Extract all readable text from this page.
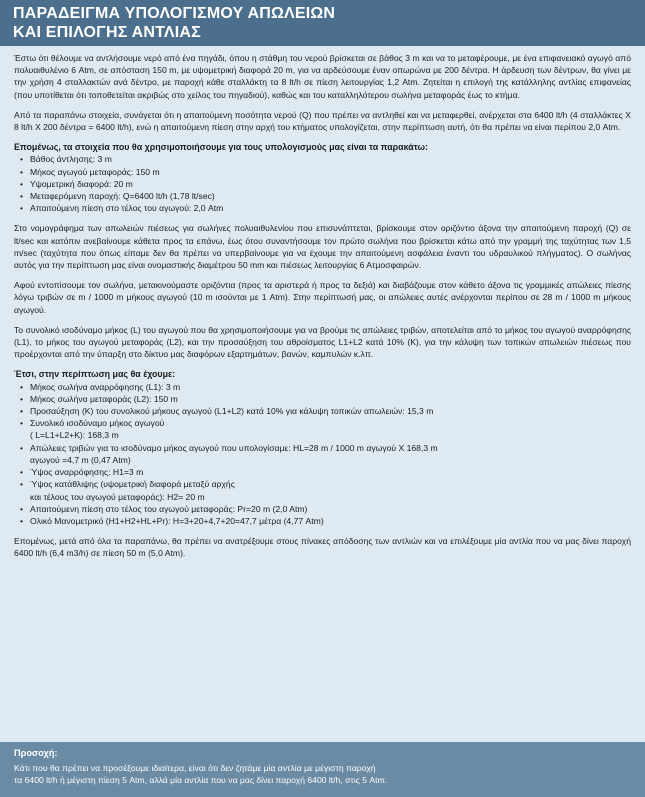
ΠΑΡΑΔΕΙΓΜΑ ΥΠΟΛΟΓΙΣΜΟΥ ΑΠΩΛΕΙΩΝ
ΚΑΙ ΕΠΙΛΟΓΗΣ ΑΝΤΛΙΑΣ

Έστω ότι θέλουμε να αντλήσουμε νερό από ένα πηγάδι, όπου η στάθμη του νερού βρίσκεται σε βάθος 3 m και να το μεταφέρουμε, με ένα επιφανειακό αγωγό από πολυαιθυλένιο 6 Atm, σε απόσταση 150 m, με υψομετρική διαφορά 20 m, για να αρδεύσουμε έναν οπωρώνα με 200 δέντρα. Η άρδευση των δέντρων, θα γίνει με την χρήση 4 σταλλακτών ανά δέντρο, με παροχή κάθε σταλλάκτη τα 8 lt/h σε πίεση λειτουργίας 1,2 Atm. Ζητείται η επιλογή της κατάλληλης αντλίας επιφανείας (που υποτίθεται ότι τοποθετείται ακριβώς στο χείλος του πηγαδιού), καθώς και του καταλληλότερου σωλήνα μεταφοράς έως το κτήμα.

Από τα παραπάνω στοιχεία, συνάγεται ότι η απαιτούμενη ποσότητα νερού (Q) που πρέπει να αντληθεί και να μεταφερθεί, ανέρχεται στα 6400 lt/h (4 σταλλάκτες Χ 8 lt/h Χ 200 δέντρα = 6400 lt/h), ενώ η απαιτούμενη πίεση στην αρχή του κτήματος υπολογίζεται, στην περίπτωση αυτή, ότι θα πρέπει να είναι περίπου 2,0 Atm.

Επομένως, τα στοιχεία που θα χρησιμοποιήσουμε για τους υπολογισμούς μας είναι τα παρακάτω:
• Βάθος άντλησης: 3 m
• Μήκος αγωγού μεταφοράς: 150 m
• Υψομετρική διαφορά: 20 m
• Μεταφερόμενη παροχή: Q=6400 lt/h (1,78 lt/sec)
• Απαιτούμενη πίεση στο τέλος του αγωγού: 2,0 Atm

Στο νομογράφημα των απωλειών πιέσεως για σωλήνες πολυαιθυλενίου που επισυνάπτεται, βρίσκουμε στον οριζόντιο άξονα την απαιτούμενη παροχή (Q) σε lt/sec και κατόπιν ανεβαίνουμε κάθετα προς τα επάνω, έως ότου συναντήσουμε τον πρώτο σωλήνα που βρίσκεται κάτω από την γραμμή της ταχύτητας των 1,5 m/sec (ταχύτητα που όπως είπαμε δεν θα πρέπει να υπερβαίνουμε για να έχουμε την απαιτούμενη ασφάλεια έναντι του υδραυλικού πλήγματος). Ο σωλήνας αυτός για την περίπτωση μας είναι ονομαστικής διαμέτρου 50 mm και πιέσεως λειτουργίας 6 Ατμοσφαιρών.

Αφού εντοπίσουμε τον σωλήνα, μετακινούμαστε οριζόντια (προς τα αριστερά ή προς τα δεξιά) και διαβάζουμε στον κάθετο άξονα τις γραμμικές απώλειες πίεσης λόγω τριβών σε m / 1000 m μήκους αγωγού (10 m ισούνται με 1 Atm). Στην περίπτωσή μας, οι απώλειες αυτές ανέρχονται περίπου σε 28 m / 1000 m μήκους αγωγού.

Το συνολικό ισοδύναμο μήκος (L) του αγωγού που θα χρησιμοποιήσουμε για να βρούμε τις απώλειες τριβών, αποτελείται από το μήκος του αγωγού αναρρόφησης (L1), το μήκος του αγωγού μεταφοράς (L2), και την προσαύξηση του αθροίσματος L1+L2 κατά 10% (K), για την κάλυψη των τοπικών απωλειών πιέσεως που προέρχονται από την ύπαρξη στο δίκτυο μας διαφόρων εξαρτημάτων, βανών, καμπυλών κ.λπ.

Έτσι, στην περίπτωση μας θα έχουμε:
• Μήκος σωλήνα αναρρόφησης (L1): 3 m
• Μήκος σωλήνα μεταφοράς (L2): 150 m
• Προσαύξηση (Κ) του συνολικού μήκους αγωγού (L1+L2) κατά 10% για κάλυψη τοπικών απωλειών: 15,3 m
• Συνολικό ισοδύναμο μήκος αγωγού
( L=L1+L2+K): 168,3 m
• Απώλειες τριβών για το ισοδύναμο μήκος αγωγού που υπολογίσαμε: HL=28 m / 1000 m αγωγού Χ 168,3 m
αγωγού =4,7 m (0,47 Atm)
• Ύψος αναρρόφησης: H1=3 m
• Ύψος κατάθλιψης (υψομετρική διαφορά μεταξύ αρχής
και τέλους του αγωγού μεταφοράς): H2= 20 m
• Απαιτούμενη πίεση στο τέλος του αγωγού μεταφοράς: Pr=20 m (2,0 Atm)
• Ολικό Μανομετρικό (H1+H2+HL+Pr): H=3+20+4,7+20=47,7 μέτρα (4,77 Atm)

Επομένως, μετά από όλα τα παραπάνω, θα πρέπει να ανατρέξουμε στους πίνακες απόδοσης των αντλιών και να επιλέξουμε μία αντλία που να μας δίνει παροχή 6400 lt/h (6,4 m3/h) σε πίεση 50 m (5,0 Atm).

Προσοχή:
Κάτι που θα πρέπει να προσέξουμε ιδιαίτερα, είναι ότι δεν ζητάμε μία αντλία με μέγιστη παροχή
τα 6400 lt/h ή μέγιστη πίεση 5 Atm, αλλά μία αντλία που να μας δίνει παροχή 6400 lt/h, στις 5 Atm.
